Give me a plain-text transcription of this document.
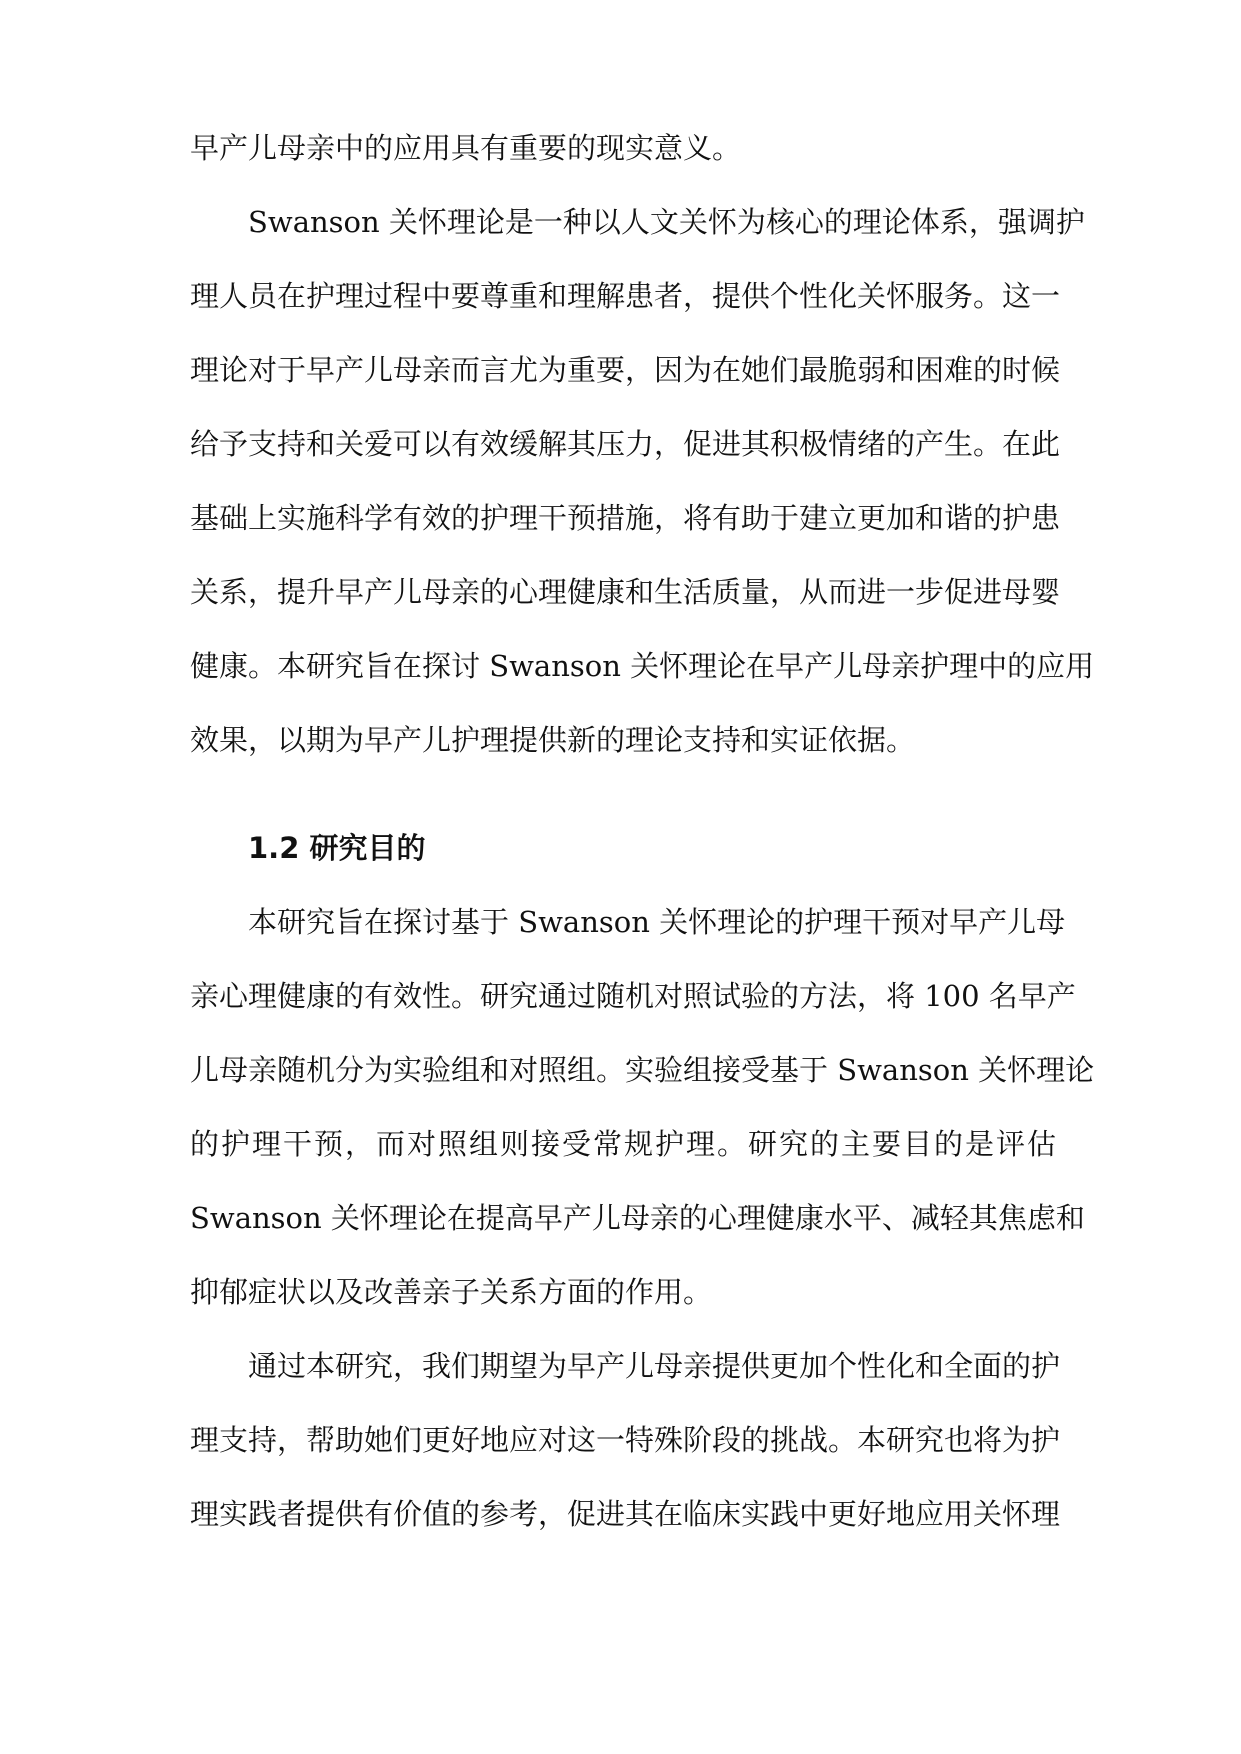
早产儿母亲中的应用具有重要的现实意义。
Swanson 关怀理论是一种以人文关怀为核心的理论体系，强调护
理人员在护理过程中要尊重和理解患者，提供个性化关怀服务。这一
理论对于早产儿母亲而言尤为重要，因为在她们最脆弱和困难的时候
给予支持和关爱可以有效缓解其压力，促进其积极情绪的产生。在此
基础上实施科学有效的护理干预措施，将有助于建立更加和谐的护患
关系，提升早产儿母亲的心理健康和生活质量，从而进一步促进母婴
健康。本研究旨在探讨 Swanson 关怀理论在早产儿母亲护理中的应用
效果，以期为早产儿护理提供新的理论支持和实证依据。
1.2 研究目的
本研究旨在探讨基于 Swanson 关怀理论的护理干预对早产儿母
亲心理健康的有效性。研究通过随机对照试验的方法，将 100 名早产
儿母亲随机分为实验组和对照组。实验组接受基于 Swanson 关怀理论
的护理干预，而对照组则接受常规护理。研究的主要目的是评估
Swanson 关怀理论在提高早产儿母亲的心理健康水平、减轻其焦虑和
抑郁症状以及改善亲子关系方面的作用。
通过本研究，我们期望为早产儿母亲提供更加个性化和全面的护
理支持，帮助她们更好地应对这一特殊阶段的挑战。本研究也将为护
理实践者提供有价值的参考，促进其在临床实践中更好地应用关怀理
